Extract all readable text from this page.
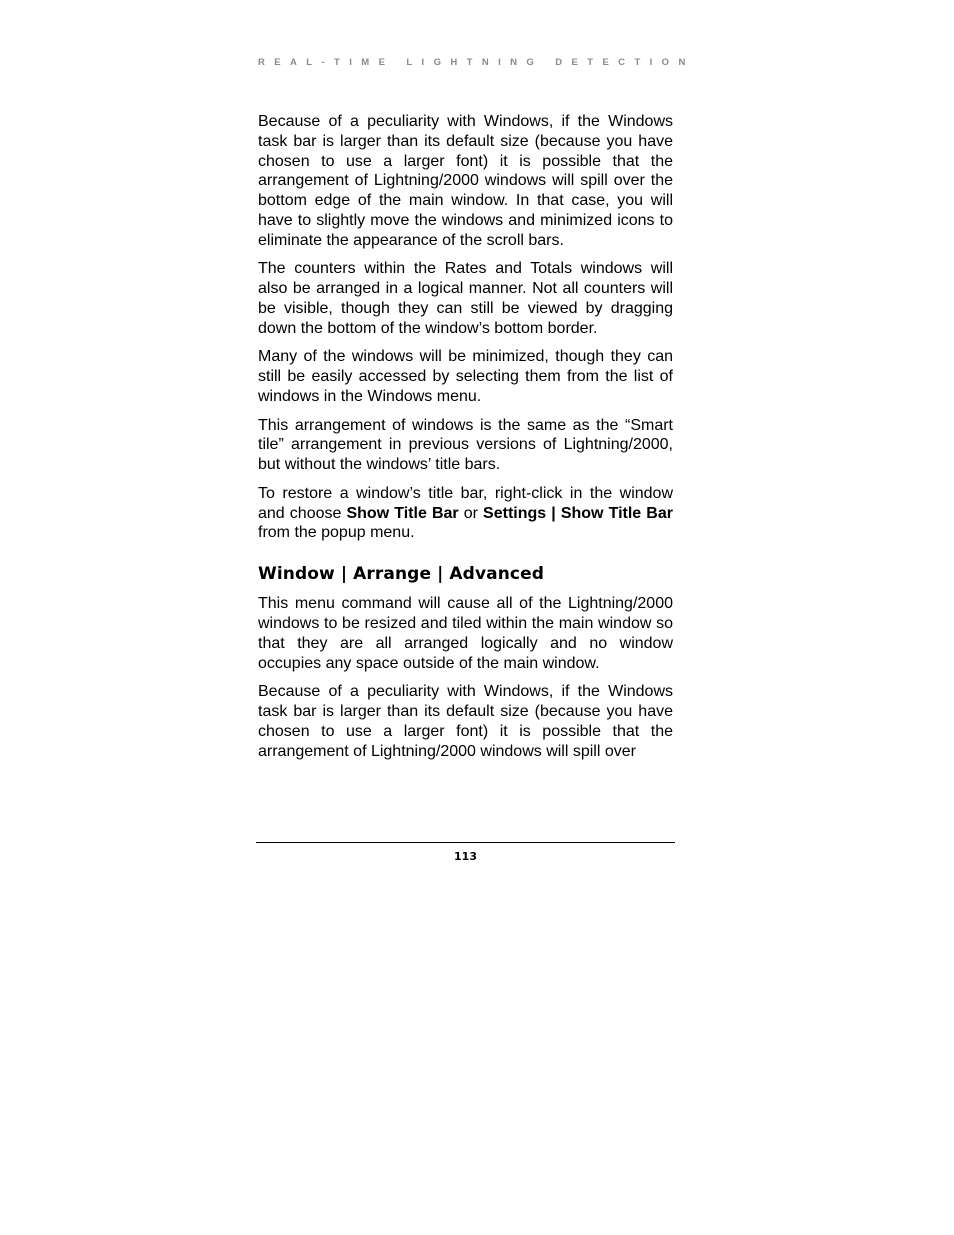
REAL-TIME LIGHTNING DETECTION

Because of a peculiarity with Windows, if the Windows task bar is larger than its default size (because you have chosen to use a larger font) it is possible that the arrangement of Lightning/2000 windows will spill over the bottom edge of the main window. In that case, you will have to slightly move the windows and minimized icons to eliminate the appearance of the scroll bars.

The counters within the Rates and Totals windows will also be arranged in a logical manner. Not all counters will be visible, though they can still be viewed by dragging down the bottom of the window’s bottom border.

Many of the windows will be minimized, though they can still be easily accessed by selecting them from the list of windows in the Windows menu.

This arrangement of windows is the same as the “Smart tile” arrangement in previous versions of Lightning/2000, but without the windows’ title bars.

To restore a window’s title bar, right-click in the window and choose Show Title Bar or Settings | Show Title Bar from the popup menu.

Window | Arrange | Advanced

This menu command will cause all of the Lightning/2000 windows to be resized and tiled within the main window so that they are all arranged logically and no window occupies any space outside of the main window.

Because of a peculiarity with Windows, if the Windows task bar is larger than its default size (because you have chosen to use a larger font) it is possible that the arrangement of Lightning/2000 windows will spill over

113
